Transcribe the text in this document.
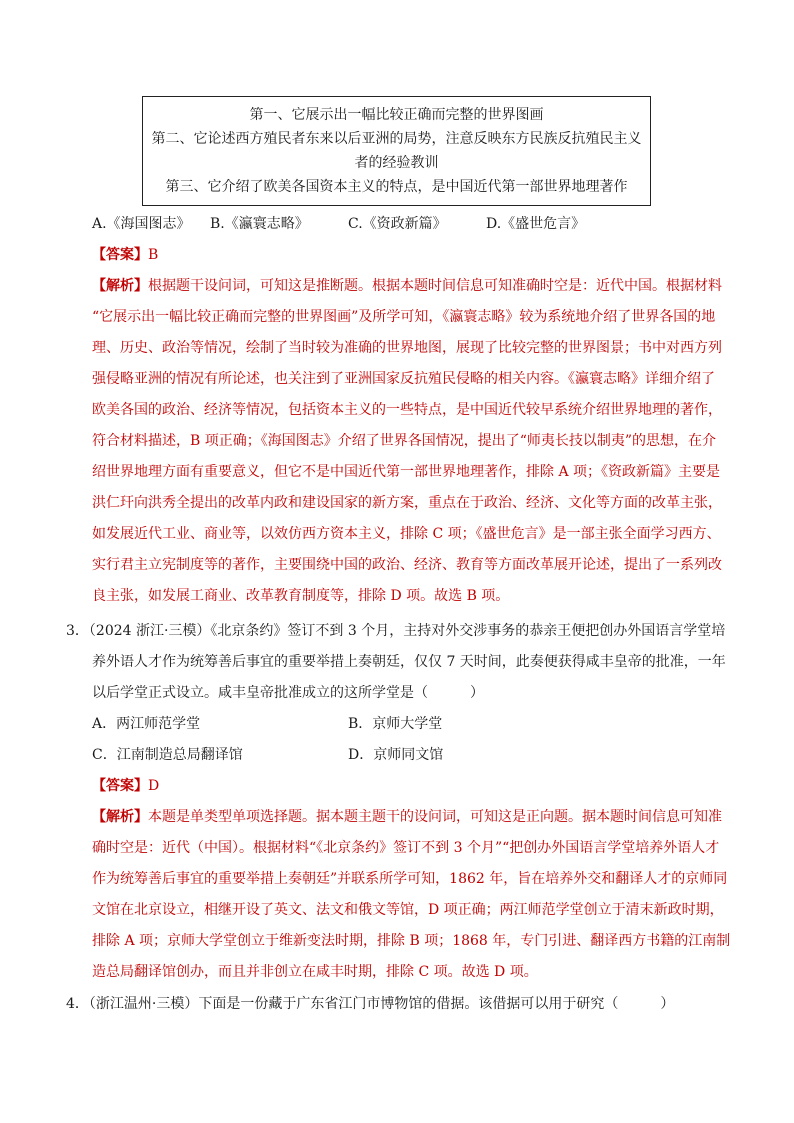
第一、它展示出一幅比较正确而完整的世界图画
第二、它论述西方殖民者东来以后亚洲的局势，注意反映东方民族反抗殖民主义
者的经验教训
第三、它介绍了欧美各国资本主义的特点，是中国近代第一部世界地理著作
A.《海国图志》 B.《瀛寰志略》	C.《资政新篇》	D.《盛世危言》
【答案】B
【解析】根据题干设问词，可知这是推断题。根据本题时间信息可知准确时空是：近代中国。根据材料
“它展示出一幅比较正确而完整的世界图画”及所学可知，《瀛寰志略》较为系统地介绍了世界各国的地
理、历史、政治等情况，绘制了当时较为准确的世界地图，展现了比较完整的世界图景；书中对西方列
强侵略亚洲的情况有所论述，也关注到了亚洲国家反抗殖民侵略的相关内容。《瀛寰志略》详细介绍了
欧美各国的政治、经济等情况，包括资本主义的一些特点，是中国近代较早系统介绍世界地理的著作，
符合材料描述，B 项正确；《海国图志》介绍了世界各国情况，提出了“师夷长技以制夷”的思想，在介
绍世界地理方面有重要意义，但它不是中国近代第一部世界地理著作，排除 A 项；《资政新篇》主要是
洪仁玕向洪秀全提出的改革内政和建设国家的新方案，重点在于政治、经济、文化等方面的改革主张，
如发展近代工业、商业等，以效仿西方资本主义，排除 C 项；《盛世危言》是一部主张全面学习西方、
实行君主立宪制度等的著作，主要围绕中国的政治、经济、教育等方面改革展开论述，提出了一系列改
良主张，如发展工商业、改革教育制度等，排除 D 项。故选 B 项。
3．（2024 浙江·三模）《北京条约》签订不到 3 个月，主持对外交涉事务的恭亲王便把创办外国语言学堂培
养外语人才作为统筹善后事宜的重要举措上奏朝廷，仅仅 7 天时间，此奏便获得咸丰皇帝的批准，一年
以后学堂正式设立。咸丰皇帝批准成立的这所学堂是（　　　）
A．两江师范学堂	B．京师大学堂
C．江南制造总局翻译馆	D．京师同文馆
【答案】D
【解析】本题是单类型单项选择题。据本题主题干的设问词，可知这是正向题。据本题时间信息可知准
确时空是：近代（中国）。根据材料“《北京条约》签订不到 3 个月”“把创办外国语言学堂培养外语人才
作为统筹善后事宜的重要举措上奏朝廷”并联系所学可知，1862 年，旨在培养外交和翻译人才的京师同
文馆在北京设立，相继开设了英文、法文和俄文等馆，D 项正确；两江师范学堂创立于清末新政时期，
排除 A 项；京师大学堂创立于维新变法时期，排除 B 项；1868 年，专门引进、翻译西方书籍的江南制
造总局翻译馆创办，而且并非创立在咸丰时期，排除 C 项。故选 D 项。
4．（浙江温州·三模）下面是一份藏于广东省江门市博物馆的借据。该借据可以用于研究（　　　）
